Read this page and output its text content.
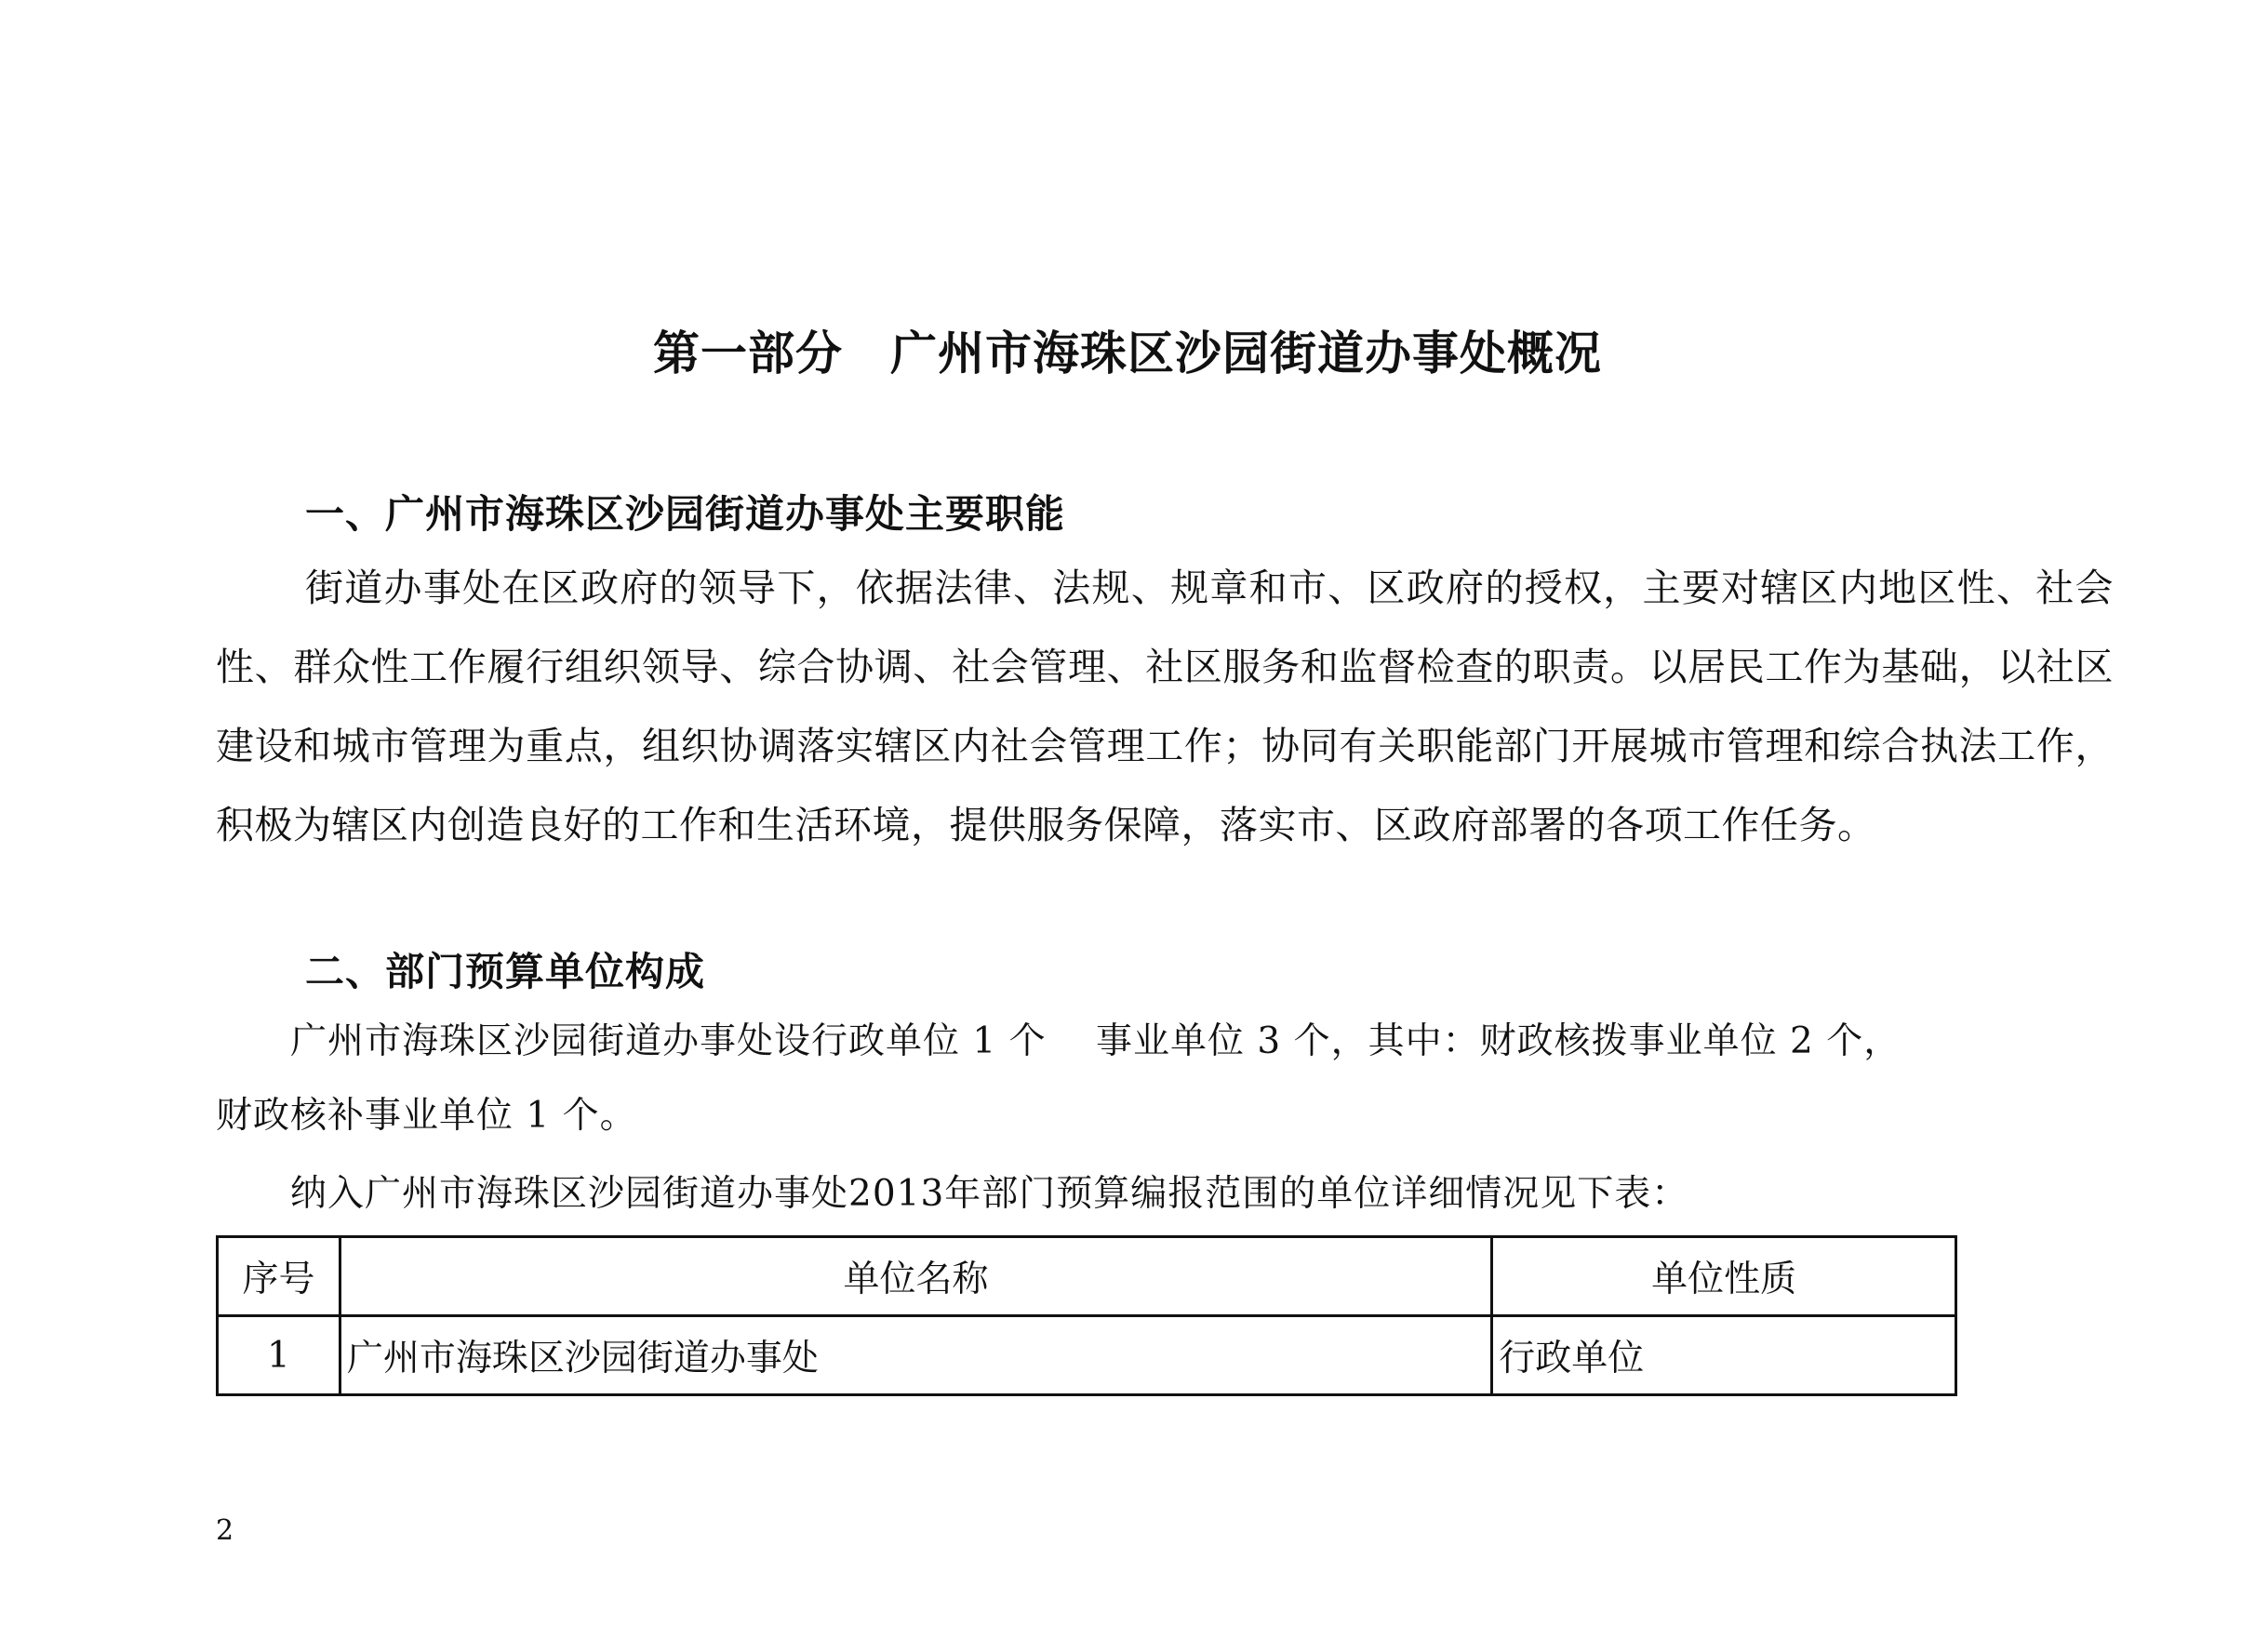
第一部分　广州市海珠区沙园街道办事处概况
一、广州市海珠区沙园街道办事处主要职能
街道办事处在区政府的领导下，依据法律、法规、规章和市、区政府的授权，主要对辖区内地区性、社会性、群众性工作履行组织领导、综合协调、社会管理、社区服务和监督检查的职责。以居民工作为基础，以社区建设和城市管理为重点，组织协调落实辖区内社会管理工作；协同有关职能部门开展城市管理和综合执法工作，积极为辖区内创造良好的工作和生活环境，提供服务保障，落实市、区政府部署的各项工作任务。
二、部门预算单位构成
广州市海珠区沙园街道办事处设行政单位 1 个　 事业单位 3 个，其中：财政核拨事业单位 2 个，
财政核补事业单位 1 个。
纳入广州市海珠区沙园街道办事处2013年部门预算编报范围的单位详细情况见下表：
序号	单位名称	单位性质
1	广州市海珠区沙园街道办事处	行政单位
2
